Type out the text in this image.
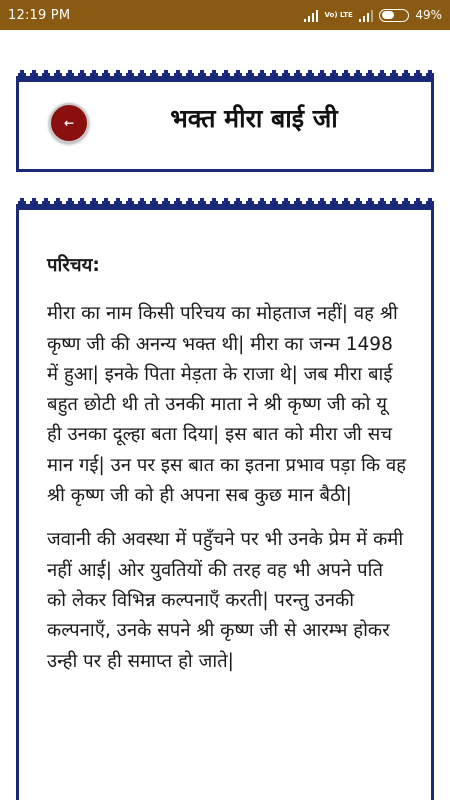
12:19 PM	Vo) LTE	49%
←	भक्त मीरा बाई जी
परिचय:

मीरा का नाम किसी परिचय का मोहताज नहीं| वह श्री कृष्ण जी की अनन्य भक्त थी| मीरा का जन्म 1498 में हुआ| इनके पिता मेड़ता के राजा थे| जब मीरा बाई बहुत छोटी थी तो उनकी माता ने श्री कृष्ण जी को यू ही उनका दूल्हा बता दिया| इस बात को मीरा जी सच मान गई| उन पर इस बात का इतना प्रभाव पड़ा कि वह श्री कृष्ण जी को ही अपना सब कुछ मान बैठी|

जवानी की अवस्था में पहुँचने पर भी उनके प्रेम में कमी नहीं आई| ओर युवतियों की तरह वह भी अपने पति को लेकर विभिन्न कल्पनाएँ करती| परन्तु उनकी कल्पनाएँ, उनके सपने श्री कृष्ण जी से आरम्भ होकर उन्ही पर ही समाप्त हो जाते|
